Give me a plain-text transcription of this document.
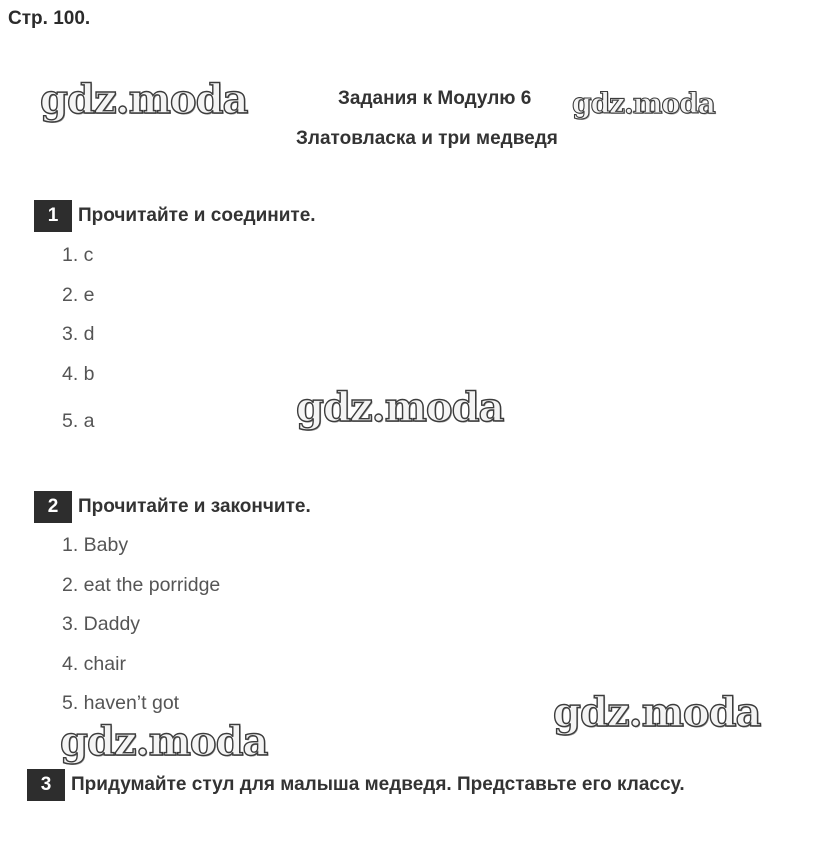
Стр. 100.
Задания к Модулю 6
Златовласка и три медведя
gdz.moda	gdz.moda
gdz.moda
gdz.moda
gdz.moda
1	Прочитайте и соедините.
1. c
2. e
3. d
4. b
5. a
2	Прочитайте и закончите.
1. Baby
2. eat the porridge
3. Daddy
4. chair
5. haven’t got
3	Придумайте стул для малыша медведя. Представьте его классу.
